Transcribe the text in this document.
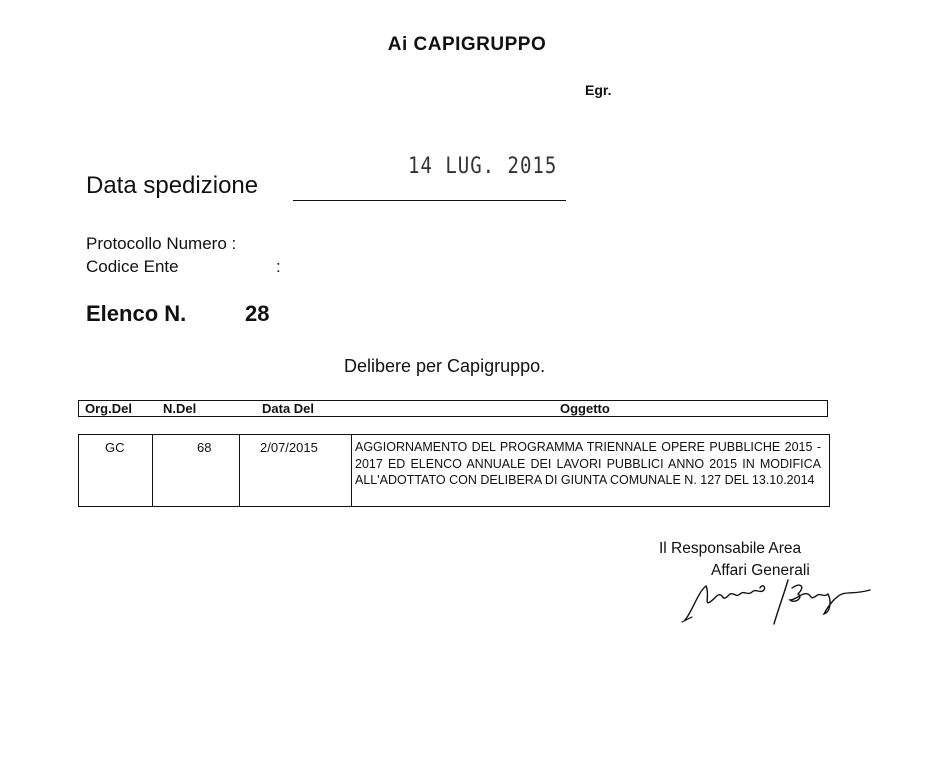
Ai CAPIGRUPPO
Egr.
14 LUG. 2015
Data spedizione
Protocollo Numero :
Codice Ente	:
Elenco N.	28
Delibere per Capigruppo.
Org.Del N.Del	Data Del	Oggetto
GC	68	2/07/2015	AGGIORNAMENTO DEL PROGRAMMA TRIENNALE OPERE PUBBLICHE 2015 - 2017 ED ELENCO ANNUALE DEI LAVORI PUBBLICI ANNO 2015 IN MODIFICA ALL'ADOTTATO CON DELIBERA DI GIUNTA COMUNALE N. 127 DEL 13.10.2014
Il Responsabile Area
Affari Generali
